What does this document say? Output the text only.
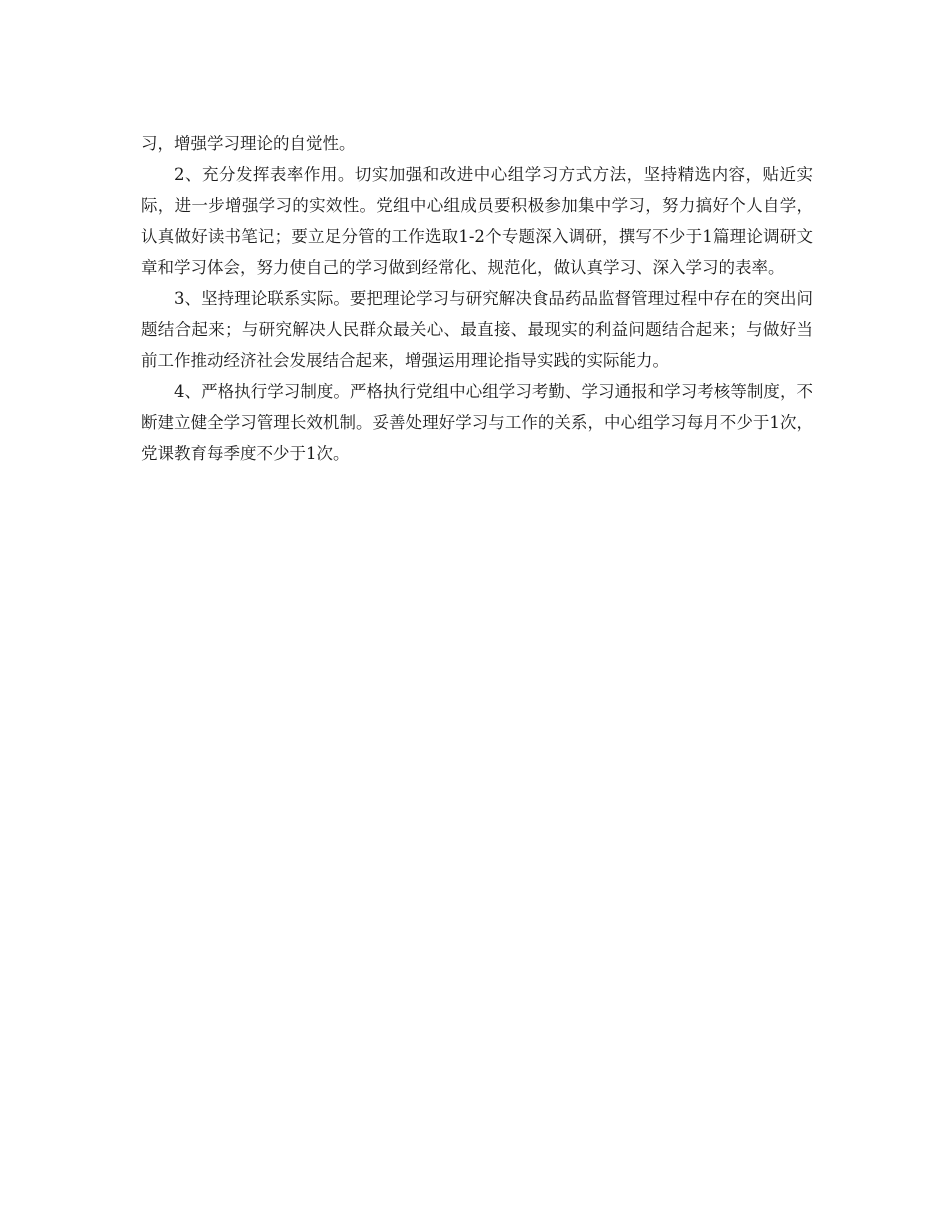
习，增强学习理论的自觉性。

2、充分发挥表率作用。切实加强和改进中心组学习方式方法，坚持精选内容，贴近实际，进一步增强学习的实效性。党组中心组成员要积极参加集中学习，努力搞好个人自学，认真做好读书笔记；要立足分管的工作选取1-2个专题深入调研，撰写不少于1篇理论调研文章和学习体会，努力使自己的学习做到经常化、规范化，做认真学习、深入学习的表率。

3、坚持理论联系实际。要把理论学习与研究解决食品药品监督管理过程中存在的突出问题结合起来；与研究解决人民群众最关心、最直接、最现实的利益问题结合起来；与做好当前工作推动经济社会发展结合起来，增强运用理论指导实践的实际能力。

4、严格执行学习制度。严格执行党组中心组学习考勤、学习通报和学习考核等制度，不断建立健全学习管理长效机制。妥善处理好学习与工作的关系，中心组学习每月不少于1次，党课教育每季度不少于1次。
